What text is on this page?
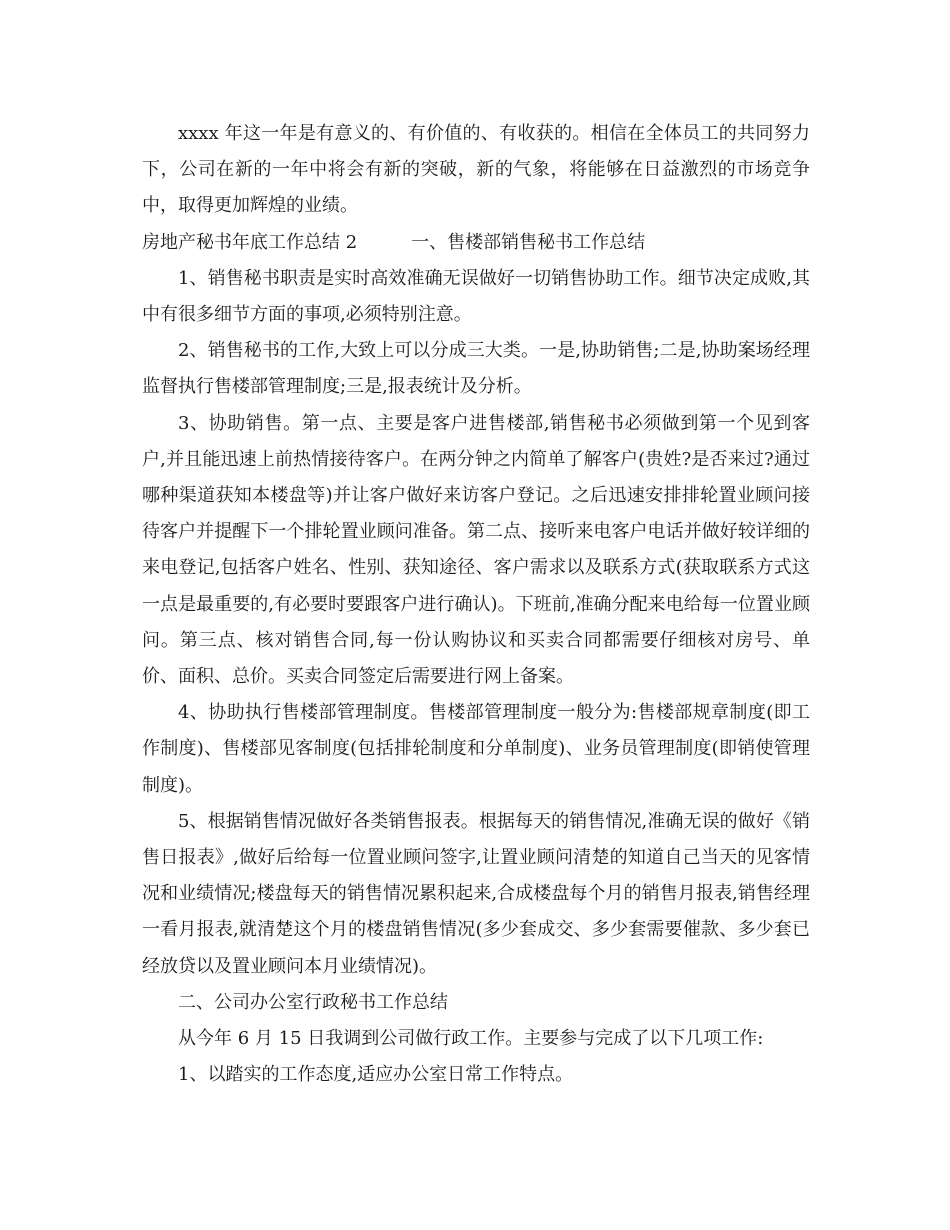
xxxx 年这一年是有意义的、有价值的、有收获的。相信在全体员工的共同努力下，公司在新的一年中将会有新的突破，新的气象，将能够在日益激烈的市场竞争中，取得更加辉煌的业绩。

房地产秘书年底工作总结 2　　　一、售楼部销售秘书工作总结

1、销售秘书职责是实时高效准确无误做好一切销售协助工作。细节决定成败,其中有很多细节方面的事项,必须特别注意。

2、销售秘书的工作,大致上可以分成三大类。一是,协助销售;二是,协助案场经理监督执行售楼部管理制度;三是,报表统计及分析。

3、协助销售。第一点、主要是客户进售楼部,销售秘书必须做到第一个见到客户,并且能迅速上前热情接待客户。在两分钟之内简单了解客户(贵姓?是否来过?通过哪种渠道获知本楼盘等)并让客户做好来访客户登记。之后迅速安排排轮置业顾问接待客户并提醒下一个排轮置业顾问准备。第二点、接听来电客户电话并做好较详细的来电登记,包括客户姓名、性别、获知途径、客户需求以及联系方式(获取联系方式这一点是最重要的,有必要时要跟客户进行确认)。下班前,准确分配来电给每一位置业顾问。第三点、核对销售合同,每一份认购协议和买卖合同都需要仔细核对房号、单价、面积、总价。买卖合同签定后需要进行网上备案。

4、协助执行售楼部管理制度。售楼部管理制度一般分为:售楼部规章制度(即工作制度)、售楼部见客制度(包括排轮制度和分单制度)、业务员管理制度(即销使管理制度)。

5、根据销售情况做好各类销售报表。根据每天的销售情况,准确无误的做好《销售日报表》,做好后给每一位置业顾问签字,让置业顾问清楚的知道自己当天的见客情况和业绩情况;楼盘每天的销售情况累积起来,合成楼盘每个月的销售月报表,销售经理一看月报表,就清楚这个月的楼盘销售情况(多少套成交、多少套需要催款、多少套已经放贷以及置业顾问本月业绩情况)。

二、公司办公室行政秘书工作总结

从今年 6 月 15 日我调到公司做行政工作。主要参与完成了以下几项工作:

1、以踏实的工作态度,适应办公室日常工作特点。
